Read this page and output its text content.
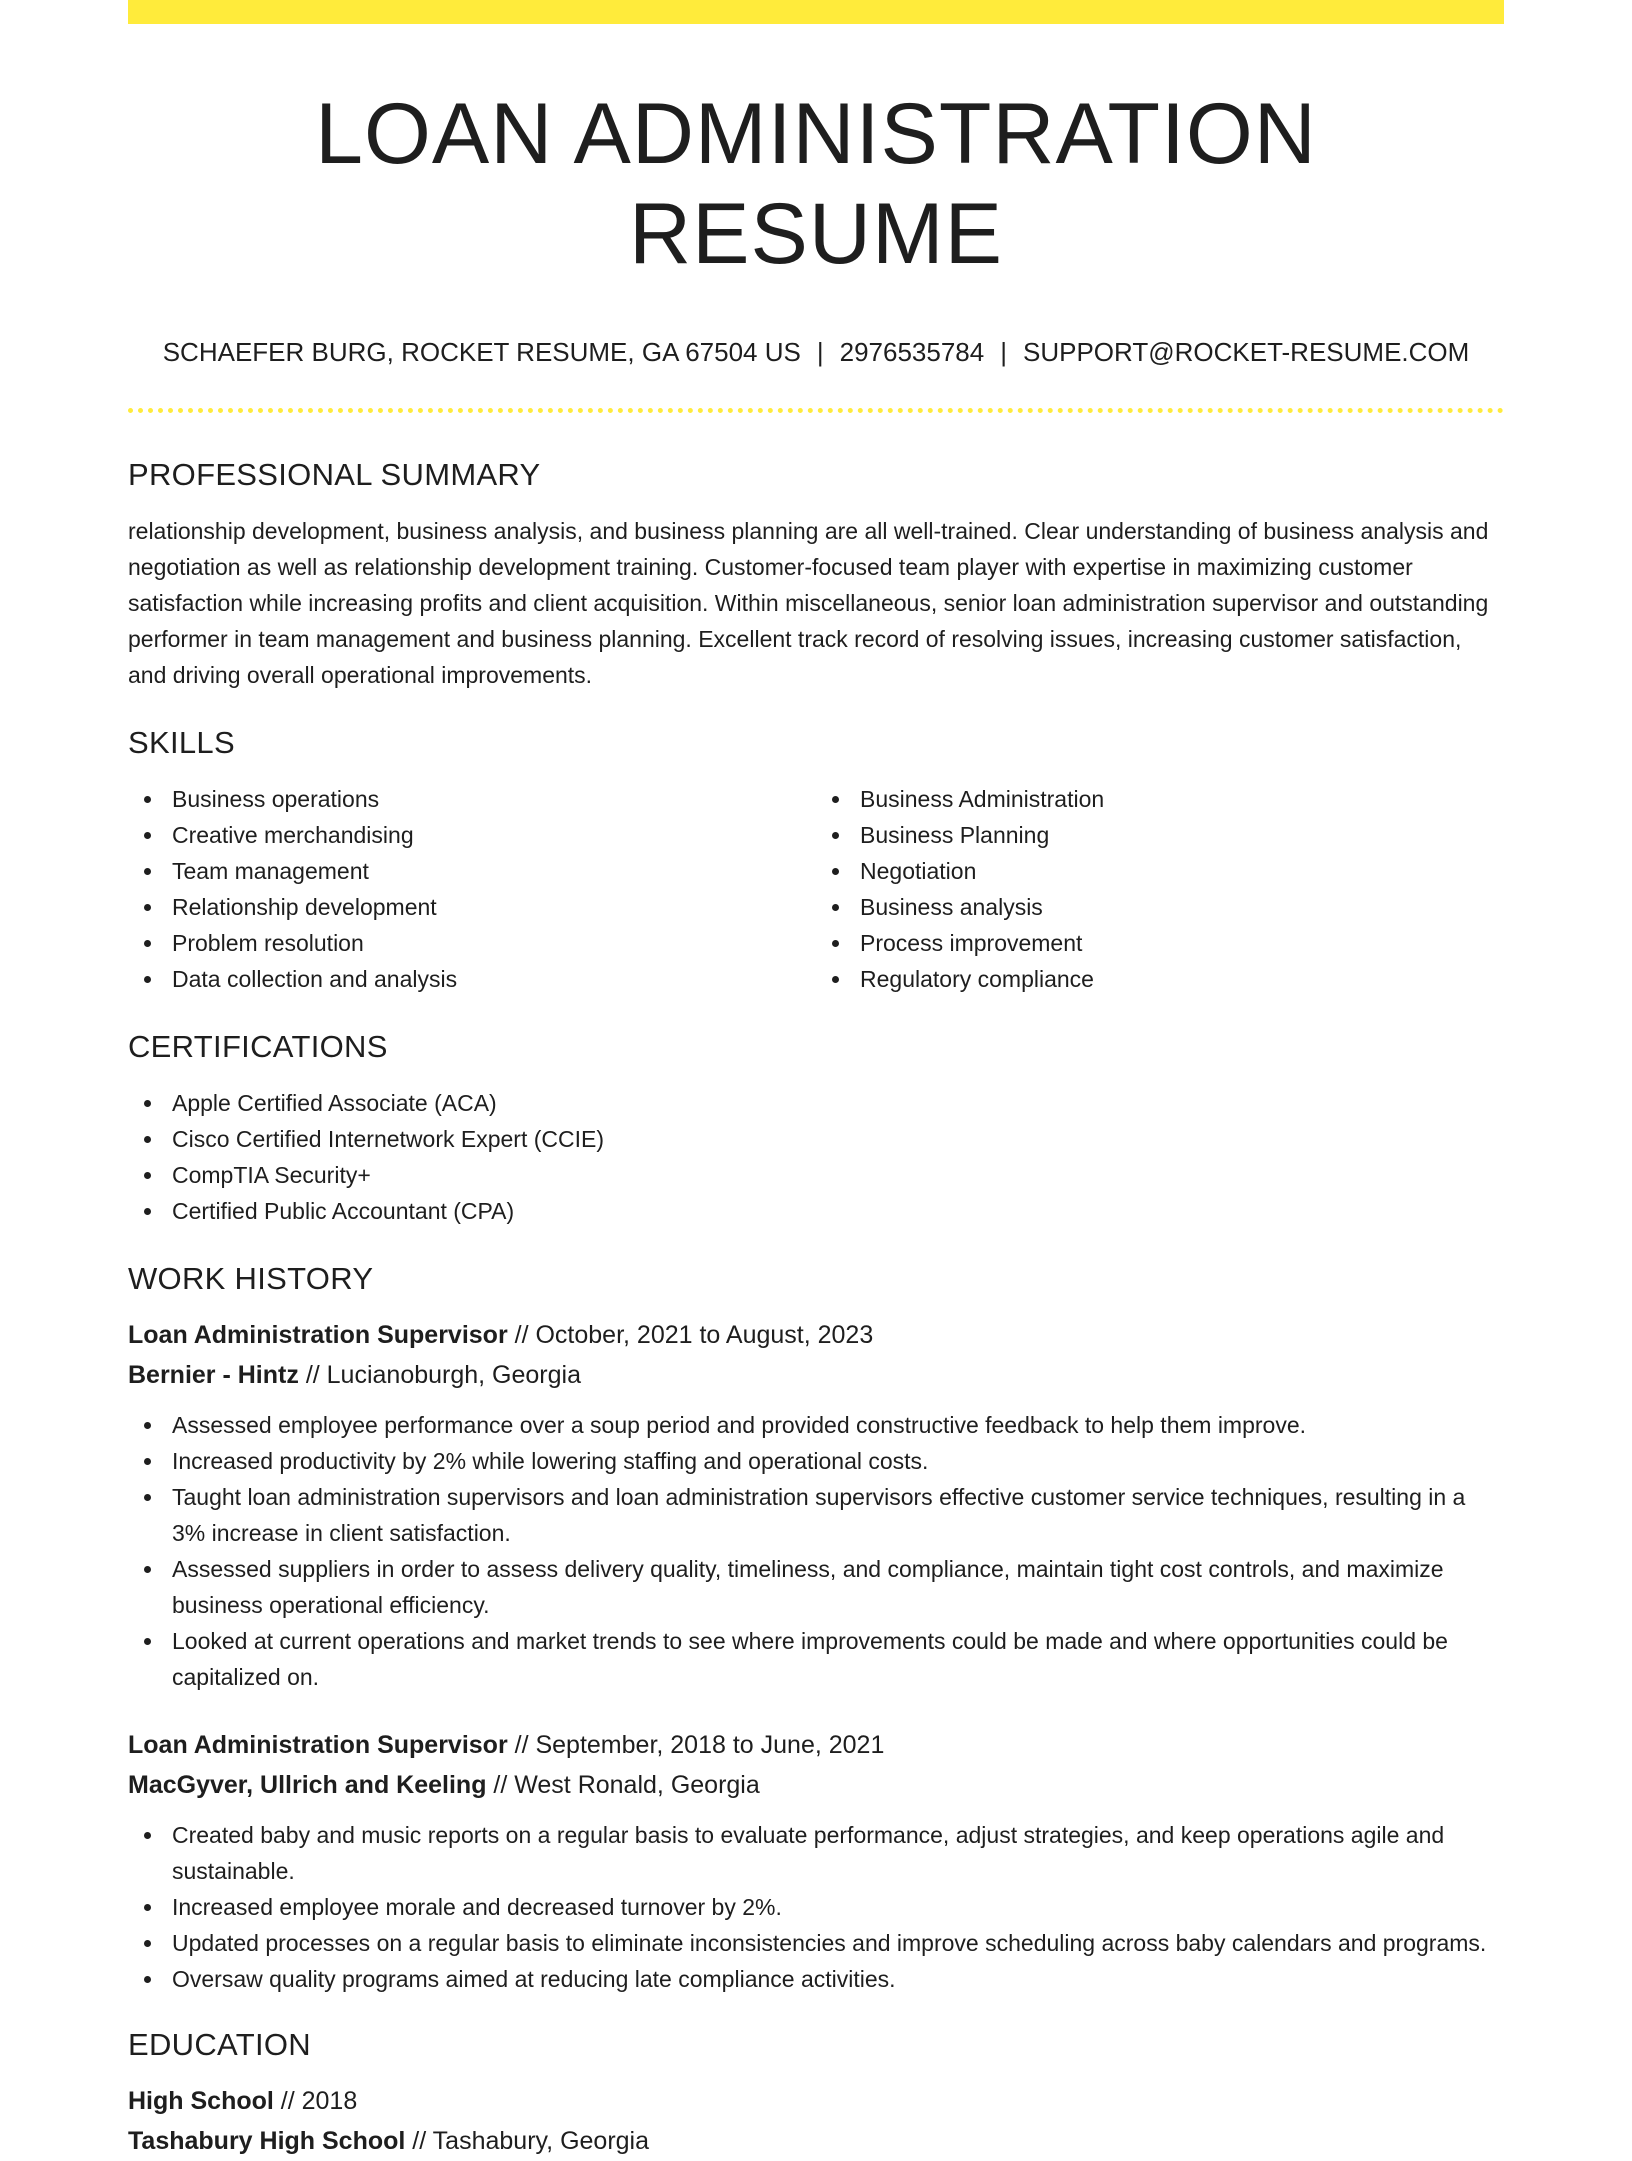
LOAN ADMINISTRATION RESUME
SCHAEFER BURG, ROCKET RESUME, GA 67504 US | 2976535784 | SUPPORT@ROCKET-RESUME.COM
PROFESSIONAL SUMMARY

relationship development, business analysis, and business planning are all well-trained. Clear understanding of business analysis and negotiation as well as relationship development training. Customer-focused team player with expertise in maximizing customer satisfaction while increasing profits and client acquisition. Within miscellaneous, senior loan administration supervisor and outstanding performer in team management and business planning. Excellent track record of resolving issues, increasing customer satisfaction, and driving overall operational improvements.

SKILLS
Business operations
Creative merchandising
Team management
Relationship development
Problem resolution
Data collection and analysis
Business Administration
Business Planning
Negotiation
Business analysis
Process improvement
Regulatory compliance
CERTIFICATIONS
Apple Certified Associate (ACA)
Cisco Certified Internetwork Expert (CCIE)
CompTIA Security+
Certified Public Accountant (CPA)
WORK HISTORY
Loan Administration Supervisor // October, 2021 to August, 2023
Bernier - Hintz // Lucianoburgh, Georgia
Assessed employee performance over a soup period and provided constructive feedback to help them improve.
Increased productivity by 2% while lowering staffing and operational costs.
Taught loan administration supervisors and loan administration supervisors effective customer service techniques, resulting in a 3% increase in client satisfaction.
Assessed suppliers in order to assess delivery quality, timeliness, and compliance, maintain tight cost controls, and maximize business operational efficiency.
Looked at current operations and market trends to see where improvements could be made and where opportunities could be capitalized on.
Loan Administration Supervisor // September, 2018 to June, 2021
MacGyver, Ullrich and Keeling // West Ronald, Georgia
Created baby and music reports on a regular basis to evaluate performance, adjust strategies, and keep operations agile and sustainable.
Increased employee morale and decreased turnover by 2%.
Updated processes on a regular basis to eliminate inconsistencies and improve scheduling across baby calendars and programs.
Oversaw quality programs aimed at reducing late compliance activities.
EDUCATION
High School // 2018
Tashabury High School // Tashabury, Georgia
